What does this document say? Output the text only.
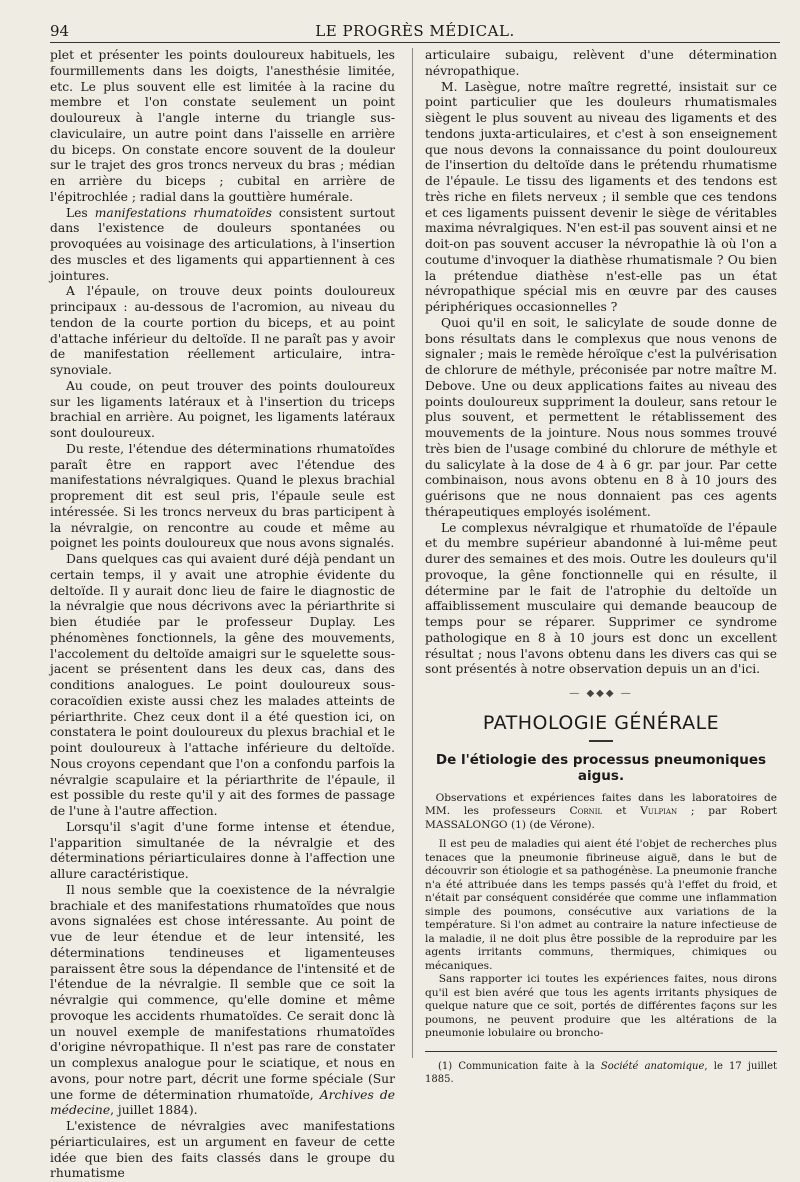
94	LE PROGRÈS MÉDICAL.

plet et présenter les points douloureux habituels, les fourmillements dans les doigts, l'anesthésie limitée, etc. Le plus souvent elle est limitée à la racine du membre et l'on constate seulement un point douloureux à l'angle interne du triangle sus-claviculaire, un autre point dans l'aisselle en arrière du biceps. On constate encore souvent de la douleur sur le trajet des gros troncs nerveux du bras ; médian en arrière du biceps ; cubital en arrière de l'épitrochlée ; radial dans la gouttière humérale.

Les manifestations rhumatoïdes consistent surtout dans l'existence de douleurs spontanées ou provoquées au voisinage des articulations, à l'insertion des muscles et des ligaments qui appartiennent à ces jointures.

A l'épaule, on trouve deux points douloureux principaux : au-dessous de l'acromion, au niveau du tendon de la courte portion du biceps, et au point d'attache inférieur du deltoïde. Il ne paraît pas y avoir de manifestation réellement articulaire, intra-synoviale.

Au coude, on peut trouver des points douloureux sur les ligaments latéraux et à l'insertion du triceps brachial en arrière. Au poignet, les ligaments latéraux sont douloureux.

Du reste, l'étendue des déterminations rhumatoïdes paraît être en rapport avec l'étendue des manifestations névralgiques. Quand le plexus brachial proprement dit est seul pris, l'épaule seule est intéressée. Si les troncs nerveux du bras participent à la névralgie, on rencontre au coude et même au poignet les points douloureux que nous avons signalés.

Dans quelques cas qui avaient duré déjà pendant un certain temps, il y avait une atrophie évidente du deltoïde. Il y aurait donc lieu de faire le diagnostic de la névralgie que nous décrivons avec la périarthrite si bien étudiée par le professeur Duplay. Les phénomènes fonctionnels, la gêne des mouvements, l'accolement du deltoïde amaigri sur le squelette sous-jacent se présentent dans les deux cas, dans des conditions analogues. Le point douloureux sous-coracoïdien existe aussi chez les malades atteints de périarthrite. Chez ceux dont il a été question ici, on constatera le point douloureux du plexus brachial et le point douloureux à l'attache inférieure du deltoïde. Nous croyons cependant que l'on a confondu parfois la névralgie scapulaire et la périarthrite de l'épaule, il est possible du reste qu'il y ait des formes de passage de l'une à l'autre affection.

Lorsqu'il s'agit d'une forme intense et étendue, l'apparition simultanée de la névralgie et des déterminations périarticulaires donne à l'affection une allure caractéristique.

Il nous semble que la coexistence de la névralgie brachiale et des manifestations rhumatoïdes que nous avons signalées est chose intéressante. Au point de vue de leur étendue et de leur intensité, les déterminations tendineuses et ligamenteuses paraissent être sous la dépendance de l'intensité et de l'étendue de la névralgie. Il semble que ce soit la névralgie qui commence, qu'elle domine et même provoque les accidents rhumatoïdes. Ce serait donc là un nouvel exemple de manifestations rhumatoïdes d'origine névropathique. Il n'est pas rare de constater un complexus analogue pour le sciatique, et nous en avons, pour notre part, décrit une forme spéciale (Sur une forme de détermination rhumatoïde, Archives de médecine, juillet 1884).

L'existence de névralgies avec manifestations périarticulaires, est un argument en faveur de cette idée que bien des faits classés dans le groupe du rhumatisme

articulaire subaigu, relèvent d'une détermination névropathique.

M. Lasègue, notre maître regretté, insistait sur ce point particulier que les douleurs rhumatismales siègent le plus souvent au niveau des ligaments et des tendons juxta-articulaires, et c'est à son enseignement que nous devons la connaissance du point douloureux de l'insertion du deltoïde dans le prétendu rhumatisme de l'épaule. Le tissu des ligaments et des tendons est très riche en filets nerveux ; il semble que ces tendons et ces ligaments puissent devenir le siège de véritables maxima névralgiques. N'en est-il pas souvent ainsi et ne doit-on pas souvent accuser la névropathie là où l'on a coutume d'invoquer la diathèse rhumatismale ? Ou bien la prétendue diathèse n'est-elle pas un état névropathique spécial mis en œuvre par des causes périphériques occasionnelles ?

Quoi qu'il en soit, le salicylate de soude donne de bons résultats dans le complexus que nous venons de signaler ; mais le remède héroïque c'est la pulvérisation de chlorure de méthyle, préconisée par notre maître M. Debove. Une ou deux applications faites au niveau des points douloureux suppriment la douleur, sans retour le plus souvent, et permettent le rétablissement des mouvements de la jointure. Nous nous sommes trouvé très bien de l'usage combiné du chlorure de méthyle et du salicylate à la dose de 4 à 6 gr. par jour. Par cette combinaison, nous avons obtenu en 8 à 10 jours des guérisons que ne nous donnaient pas ces agents thérapeutiques employés isolément.

Le complexus névralgique et rhumatoïde de l'épaule et du membre supérieur abandonné à lui-même peut durer des semaines et des mois. Outre les douleurs qu'il provoque, la gêne fonctionnelle qui en résulte, il détermine par le fait de l'atrophie du deltoïde un affaiblissement musculaire qui demande beaucoup de temps pour se réparer. Supprimer ce syndrome pathologique en 8 à 10 jours est donc un excellent résultat ; nous l'avons obtenu dans les divers cas qui se sont présentés à notre observation depuis un an d'ici.

— ◆◆◆ —
PATHOLOGIE GÉNÉRALE
De l'étiologie des processus pneumoniques aigus.

Observations et expériences faites dans les laboratoires de MM. les professeurs Cornil et Vulpian ; par Robert MASSALONGO (1) (de Vérone).

Il est peu de maladies qui aient été l'objet de recherches plus tenaces que la pneumonie fibrineuse aiguë, dans le but de découvrir son étiologie et sa pathogénèse. La pneumonie franche n'a été attribuée dans les temps passés qu'à l'effet du froid, et n'était par conséquent considérée que comme une inflammation simple des poumons, consécutive aux variations de la température. Si l'on admet au contraire la nature infectieuse de la maladie, il ne doit plus être possible de la reproduire par les agents irritants communs, thermiques, chimiques ou mécaniques.

Sans rapporter ici toutes les expériences faites, nous dirons qu'il est bien avéré que tous les agents irritants physiques de quelque nature que ce soit, portés de différentes façons sur les poumons, ne peuvent produire que les altérations de la pneumonie lobulaire ou broncho-

(1) Communication faite à la Société anatomique, le 17 juillet 1885.
